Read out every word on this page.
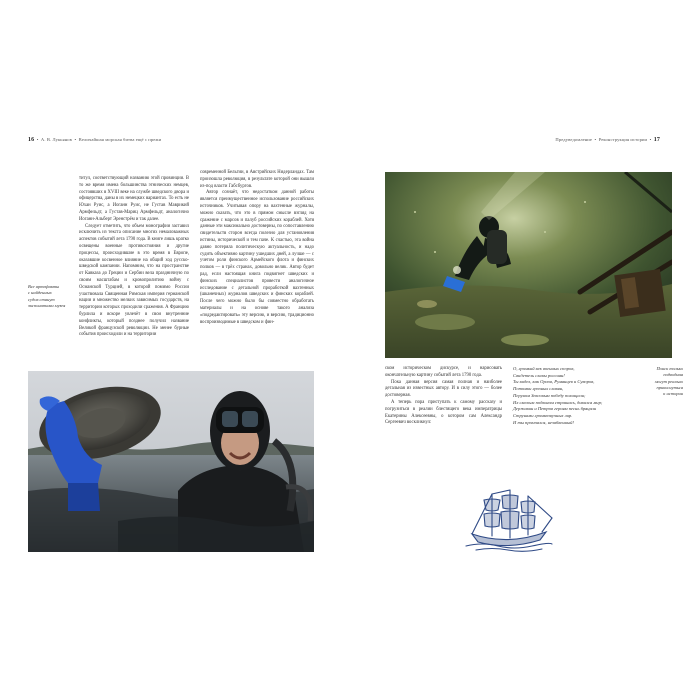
16  •  А. В. Лукьянов  •  Величайшая морская битва ещё с прежи	Предуведомление  •  Реконструкция истории  •  17

титул, соответствующий названию этой провинции. В то же время имена большинства этнических немцев, состоявших в XVIII веке на службе шведского двора и офицерства, даны в их немецких вариантах. То есть не Юхан Руис, а Иоганн Руис, не Густав Маврикий Армфельдт, а Густав-Мариц Армфельдт, аналогично Иоганн-Альберт Эренстрём и так далее.

Следует отметить, что объем монографии заставил исключить из текста описание многих немаловажных аспектов событий лета 1790 года. В книге лишь кратко освещены военные противостояния и другие процессы, происходившие в это время в Европе, оказавшие косвенное влияние на общий ход русско-шведской кампании. Напомним, что на пространстве от Кавказа до Греции и Сербии вела праздничную по своим масштабам и кровопролитию войну с Османской Турцией, в которой помимо России участвовала Священная Римская империя германской нации и множество мелких зависимых государств, на территории которых проходили сражения. А Францию бурлила и вскоре увлечёт в свои внутренние конфликты, который позднее получил название Великой французской революции. Не менее бурные события происходили и на территории

современной Бельгии, в Австрийских Нидерландах. Там произошла революция, в результате которой они вышли из-под власти Габсбургов.

Автор сознаёт, что недостатком данной работы является преимущественное использование российских источников. Учитывая опору на вахтенные журналы, можно сказать, что это в прямом смысле взгляд на сражение с марсов и палуб российских кораблей. Хотя данные эти максимально достоверны, по сопоставлению свидетельств сторон всегда полезно для установления истины, исторической и тем паче. К счастью, эта война давно потеряла политическую актуальность, и надо судить объективно картину ушедших дней, а лучше — с учетом роли финского Армейского флота и финских полков — в трёх странах, довольно велик. Автор будет рад, если настоящая книга подвигнет шведских и финских специалистов провести аналогичное исследование с детальной проработкой вахтенных (шканечных) журналов шведских и финских кораблей. После чего можно было бы совместно обработать материалы и на основе такого анализа «подредактировать» эту версию, и версию, традиционно воспроизводимые в шведском и фин-

Все артефакты
с найденных
судов станут
экспонатами музея
Поиск только
подводная
могут реально
прикоснуться
к истории

ском историческом дискурсе, и нарисовать окончательную картину событий лета 1790 года.

Пока данная версия самая полная и наиболее детальная из известных автору. И в силу этого — более достоверная.

А теперь пора приступать к самому рассказу и погрузиться в реалии блестящего века императрицы Екатерины Алексеевны, о котором сам Александр Сергеевич воскликнул:

О, громкий век военных споров,
Свидетель славы россиян!
Ты видел, как Орлов, Румянцев и Суворов,
Потомки грозных славян,
Перуном Зевсовым победу похищали;
Их смелым подвигам страшась, дивился мир;
Державин и Петров героям песнь бряцали
Струнами громкозвучных лир.
И ты промчался, незабвенный!
